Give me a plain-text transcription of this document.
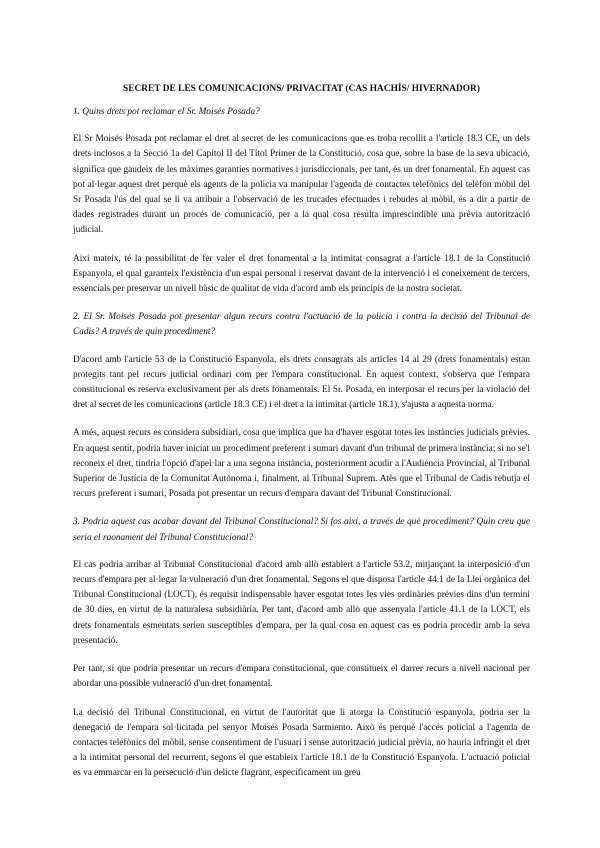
SECRET DE LES COMUNICACIONS/ PRIVACITAT (CAS HACHÍS/ HIVERNADOR)

1. Quins drets pot reclamar el Sr. Moisés Posada?

El Sr Moisés Posada pot reclamar el dret al secret de les comunicacions que es troba recollit a l'article 18.3 CE, un dels drets inclosos a la Secció 1a del Capítol II del Títol Primer de la Constitució, cosa que, sobre la base de la seva ubicació, significa que gaudeix de les màximes garanties normatives i jurisdiccionals, per tant, és un dret fonamental. En aquest cas pot al·legar aquest dret perquè els agents de la policia va manipular l'agenda de contactes telefònics del telèfon mòbil del Sr Posada l'ús del qual se li va atribuir a l'observació de les trucades efectuades i rebudes al mòbil, és a dir a partir de dades registrades durant un procés de comunicació, per a la qual cosa resulta imprescindible una prèvia autorització judicial.

Així mateix, té la possibilitat de fer valer el dret fonamental a la intimitat consagrat a l'article 18.1 de la Constitució Espanyola, el qual garanteix l'existència d'un espai personal i reservat davant de la intervenció i el coneixement de tercers, essencials per preservar un nivell bàsic de qualitat de vida d'acord amb els principis de la nostra societat.

2. El Sr. Moisés Posada pot presentar algun recurs contra l'actuació de la policia i contra la decisió del Tribunal de Cadis? A través de quin procediment?

D'acord amb l'article 53 de la Constitució Espanyola, els drets consagrats als articles 14 al 29 (drets fonamentals) estan protegits tant pel recurs judicial ordinari com per l'empara constitucional. En aquest context, s'observa que l'empara constitucional es reserva exclusivament per als drets fonamentals. El Sr. Posada, en interposar el recurs per la violació del dret al secret de les comunicacions (article 18.3 CE) i el dret a la intimitat (article 18.1), s'ajusta a aquesta norma.

A més, aquest recurs es considera subsidiari, cosa que implica que ha d'haver esgotat totes les instàncies judicials prèvies. En aquest sentit, podria haver iniciat un procediment preferent i sumari davant d'un tribunal de primera instància; si no se'l reconeix el dret, tindria l'opció d'apel·lar a una segona instància, posteriorment acudir a l'Audiència Provincial, al Tribunal Superior de Justícia de la Comunitat Autònoma i, finalment, al Tribunal Suprem. Atès que el Tribunal de Cadis rebutja el recurs preferent i sumari, Posada pot presentar un recurs d'empara davant del Tribunal Constitucional.

3. Podria aquest cas acabar davant del Tribunal Constitucional? Si fos així, a través de què procediment? Quin creu que seria el raonament del Tribunal Constitucional?

El cas podria arribar al Tribunal Constitucional d'acord amb allò establert a l'article 53.2, mitjançant la interposició d'un recurs d'empara per al·legar la vulneració d'un dret fonamental. Segons el que disposa l'article 44.1 de la Llei orgànica del Tribunal Constitucional (LOCT), és requisit indispensable haver esgotat totes les vies ordinàries prèvies dins d'un termini de 30 dies, en virtut de la naturalesa subsidiària. Per tant, d'acord amb allò que assenyala l'article 41.1 de la LOCT, els drets fonamentals esmentats serien susceptibles d'empara, per la qual cosa en aquest cas es podria procedir amb la seva presentació.

Per tant, sí que podria presentar un recurs d'empara constitucional, que constitueix el darrer recurs a nivell nacional per abordar una possible vulneració d'un dret fonamental.

La decisió del Tribunal Constitucional, en virtut de l'autoritat que li atorga la Constitució espanyola, podria ser la denegació de l'empara sol·licitada pel senyor Moisés Posada Sarmiento. Això és perquè l'accés policial a l'agenda de contactes telefònics del mòbil, sense consentiment de l'usuari i sense autorització judicial prèvia, no hauria infringit el dret a la intimitat personal del recurrent, segons el que estableix l'article 18.1 de la Constitució Espanyola. L'actuació policial es va emmarcar en la persecució d'un delicte flagrant, específicament un greu
